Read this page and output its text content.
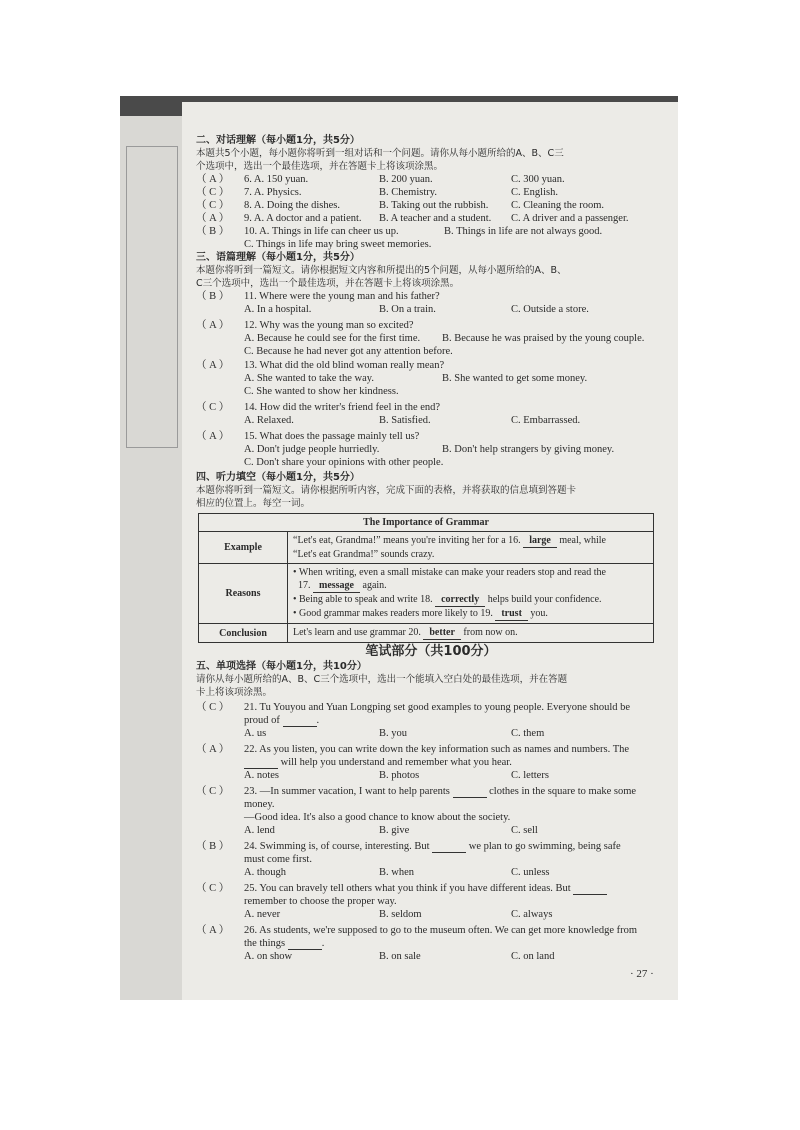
二、对话理解（每小题1分，共5分）
本题共5个小题，每小题你将听到一组对话和一个问题。请你从每小题所给的A、B、C三
个选项中，选出一个最佳选项，并在答题卡上将该项涂黑。
（ A ）	6. A. 150 yuan.	B. 200 yuan.	C. 300 yuan.
（ C ）	7. A. Physics.	B. Chemistry.	C. English.
（ C ）	8. A. Doing the dishes.	B. Taking out the rubbish.	C. Cleaning the room.
（ A ）	9. A. A doctor and a patient.	B. A teacher and a student.	C. A driver and a passenger.
（ B ）	10. A. Things in life can cheer us up.	B. Things in life are not always good.
C. Things in life may bring sweet memories.
三、语篇理解（每小题1分，共5分）
本题你将听到一篇短文。请你根据短文内容和所提出的5个问题，从每小题所给的A、B、
C三个选项中，选出一个最佳选项，并在答题卡上将该项涂黑。
（ B ）	11. Where were the young man and his father?
A. In a hospital.	B. On a train.	C. Outside a store.
（ A ）	12. Why was the young man so excited?
A. Because he could see for the first time.	B. Because he was praised by the young couple.
C. Because he had never got any attention before.
（ A ）	13. What did the old blind woman really mean?
A. She wanted to take the way.	B. She wanted to get some money.
C. She wanted to show her kindness.
（ C ）	14. How did the writer's friend feel in the end?
A. Relaxed.	B. Satisfied.	C. Embarrassed.
（ A ）	15. What does the passage mainly tell us?
A. Don't judge people hurriedly.	B. Don't help strangers by giving money.
C. Don't share your opinions with other people.
四、听力填空（每小题1分，共5分）
本题你将听到一篇短文。请你根据所听内容，完成下面的表格，并将获取的信息填到答题卡
相应的位置上。每空一词。
The Importance of Grammar	
Example	“Let's eat, Grandma!” means you're inviting her for a 16. large meal, while
“Let's eat Grandma!” sounds crazy.
Reasons	• When writing, even a small mistake can make your readers stop and read the
17. message again.
• Being able to speak and write 18. correctly helps build your confidence.
• Good grammar makes readers more likely to 19. trust you.
Conclusion	Let's learn and use grammar 20. better from now on.
笔试部分（共100分）
五、单项选择（每小题1分，共10分）
请你从每小题所给的A、B、C三个选项中，选出一个能填入空白处的最佳选项，并在答题
卡上将该项涂黑。
（ C ）	21. Tu Youyou and Yuan Longping set good examples to young people. Everyone should be
proud of
	.
A. us	B. you	C. them
（ A ）	22. As you listen, you can write down the key information such as names and numbers. The

will help you understand and remember what you hear.
A. notes	B. photos	C. letters
（ C ）	23. —In summer vacation, I want to help parents

	clothes in the square to make some
money.
—Good idea. It's also a good chance to know about the society.
A. lend	B. give	C. sell
（ B ）	24. Swimming is, of course, interesting. But

	we plan to go swimming, being safe
must come first.
A. though	B. when	C. unless
（ C ）	25. You can bravely tell others what you think if you have different ideas. But

remember to choose the proper way.
A. never	B. seldom	C. always
（ A ）	26. As students, we're supposed to go to the museum often. We can get more knowledge from
the things
	.
A. on show	B. on sale	C. on land
· 27 ·
